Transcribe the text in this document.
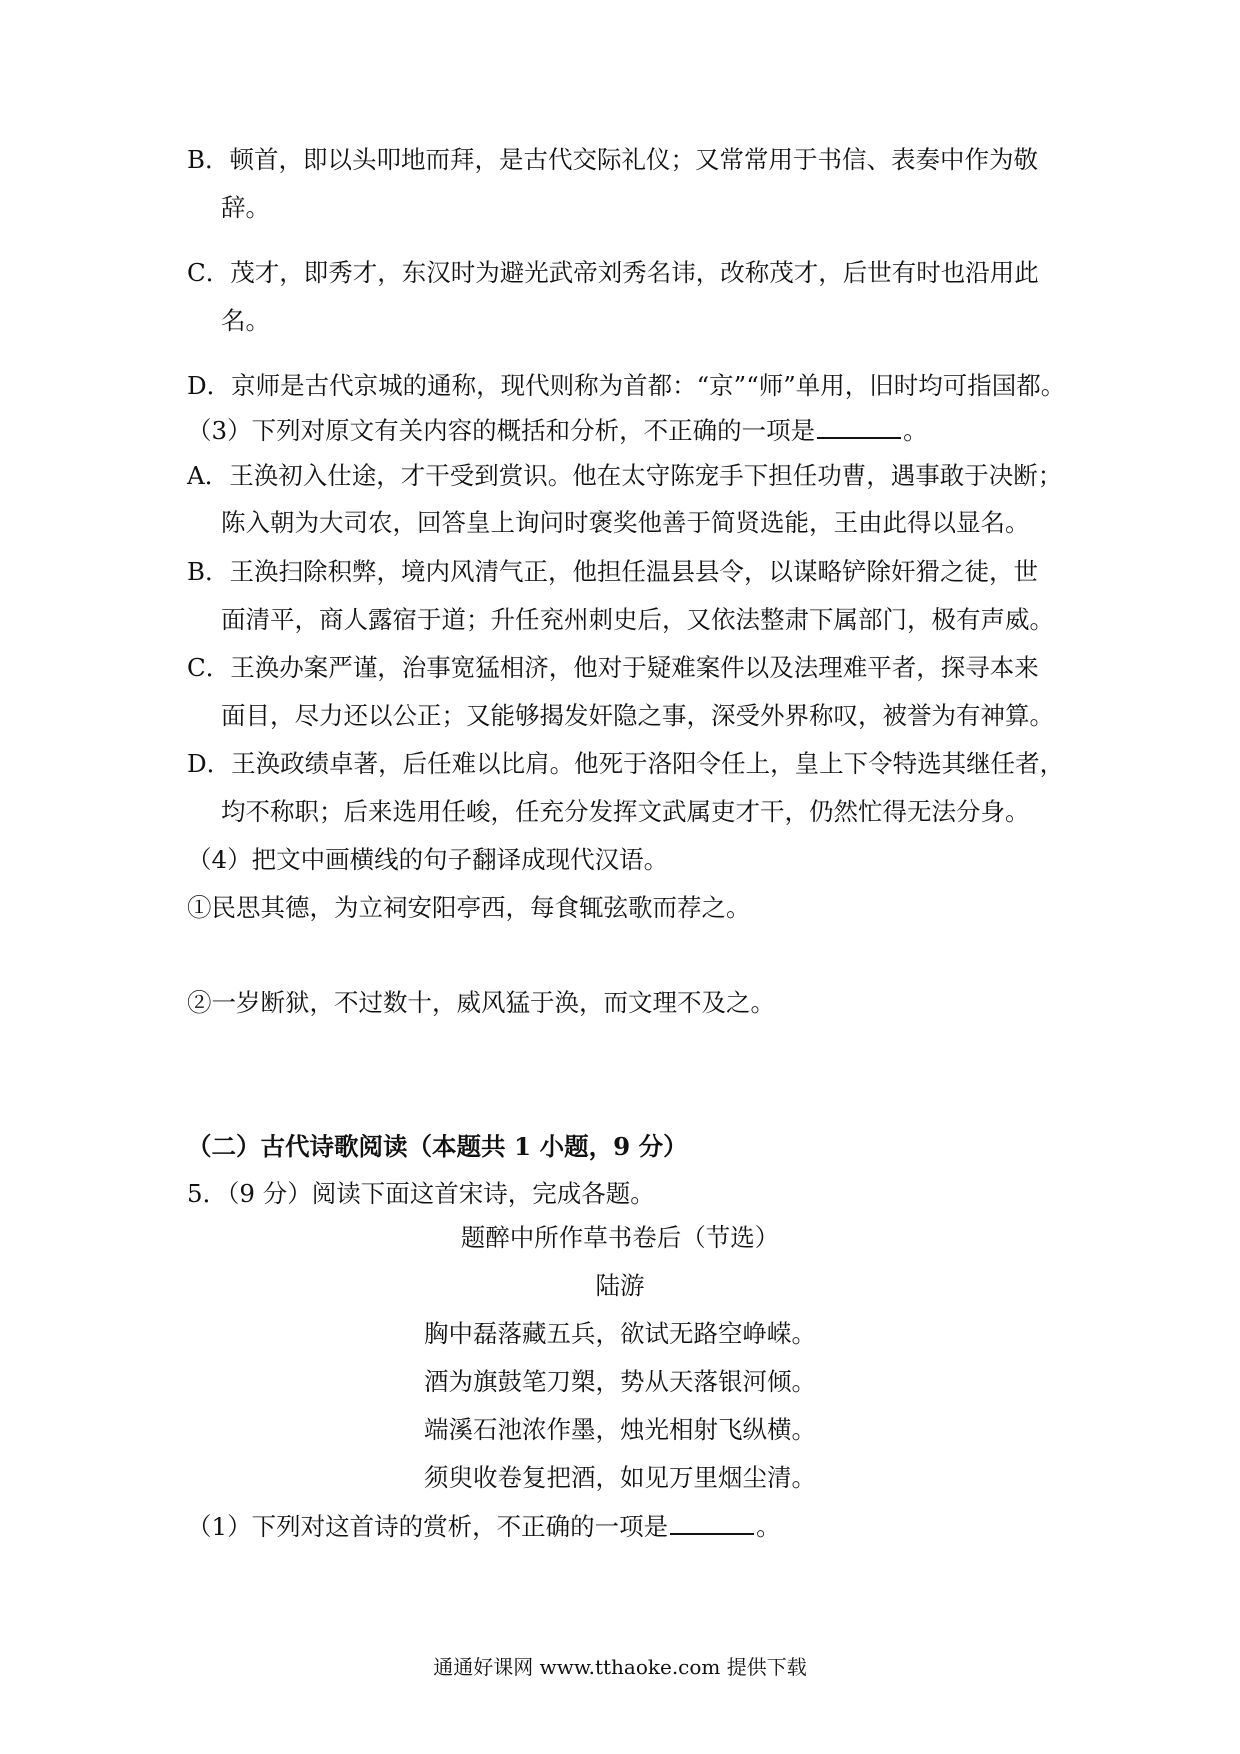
B．顿首，即以头叩地而拜，是古代交际礼仪；又常常用于书信、表奏中作为敬
辞。
C．茂才，即秀才，东汉时为避光武帝刘秀名讳，改称茂才，后世有时也沿用此
名。
D．京师是古代京城的通称，现代则称为首都：“京”“师”单用，旧时均可指国都。
（3）下列对原文有关内容的概括和分析，不正确的一项是	。
A．王涣初入仕途，才干受到赏识。他在太守陈宠手下担任功曹，遇事敢于决断；
陈入朝为大司农，回答皇上询问时褒奖他善于简贤选能，王由此得以显名。
B．王涣扫除积弊，境内风清气正，他担任温县县令，以谋略铲除奸猾之徒，世
面清平，商人露宿于道；升任兖州刺史后，又依法整肃下属部门，极有声威。
C．王涣办案严谨，治事宽猛相济，他对于疑难案件以及法理难平者，探寻本来
面目，尽力还以公正；又能够揭发奸隐之事，深受外界称叹，被誉为有神算。
D．王涣政绩卓著，后任难以比肩。他死于洛阳令任上，皇上下令特选其继任者，
均不称职；后来选用任峻，任充分发挥文武属吏才干，仍然忙得无法分身。
（4）把文中画横线的句子翻译成现代汉语。
①民思其德，为立祠安阳亭西，每食辄弦歌而荐之。
②一岁断狱，不过数十，威风猛于涣，而文理不及之。
（二）古代诗歌阅读（本题共 1 小题，9 分）
5．（9 分）阅读下面这首宋诗，完成各题。
题醉中所作草书卷后（节选）
陆游
胸中磊落藏五兵，欲试无路空峥嵘。
酒为旗鼓笔刀槊，势从天落银河倾。
端溪石池浓作墨，烛光相射飞纵横。
须臾收卷复把酒，如见万里烟尘清。
（1）下列对这首诗的赏析，不正确的一项是	。
通通好课网 www.tthaoke.com 提供下载
